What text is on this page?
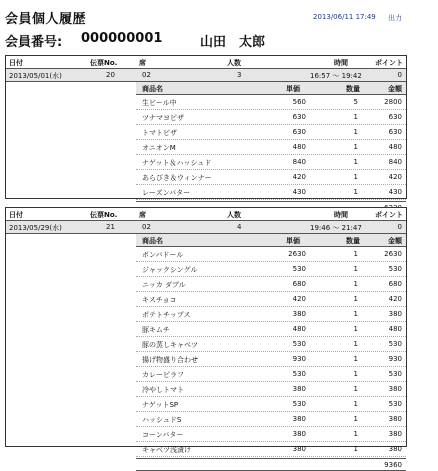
会員個人履歴	2013/06/11 17:49 出力
会員番号: 000000001	山田　太郎
日付	伝票No.	席	人数	時間	ポイント
2013/05/01(水)	20	02	3	16:57 ～ 19:42	0
商品名	単価	数量	金額
生ビール中	560	5	2800
ツナマヨピザ	630	1	630
トマトピザ	630	1	630
オニオンM	480	1	480
ナゲット＆ハッシュド	840	1	840
あらびき＆ウィンナー	420	1	420
レーズンバター	430	1	430
日付	伝票No.	席	人数	時間	ポイント
2013/05/29(水)	21	02	4	19:46 ～ 21:47	0
商品名	単価	数量	金額
ボンバドール	2630	1	2630
ジャックシングル	530	1	530
ニッカ ダブル	680	1	680
キスチョコ	420	1	420
ポテトチップス	380	1	380
豚キムチ	480	1	480
豚の蒸しキャベツ	530	1	530
揚げ物盛り合わせ	930	1	930
カレーピラフ	530	1	530
冷やしトマト	380	1	380
ナゲットSP	530	1	530
ハッシュドS	380	1	380
コーンバター	380	1	380
キャベツ浅漬け	380	1	380
9360
